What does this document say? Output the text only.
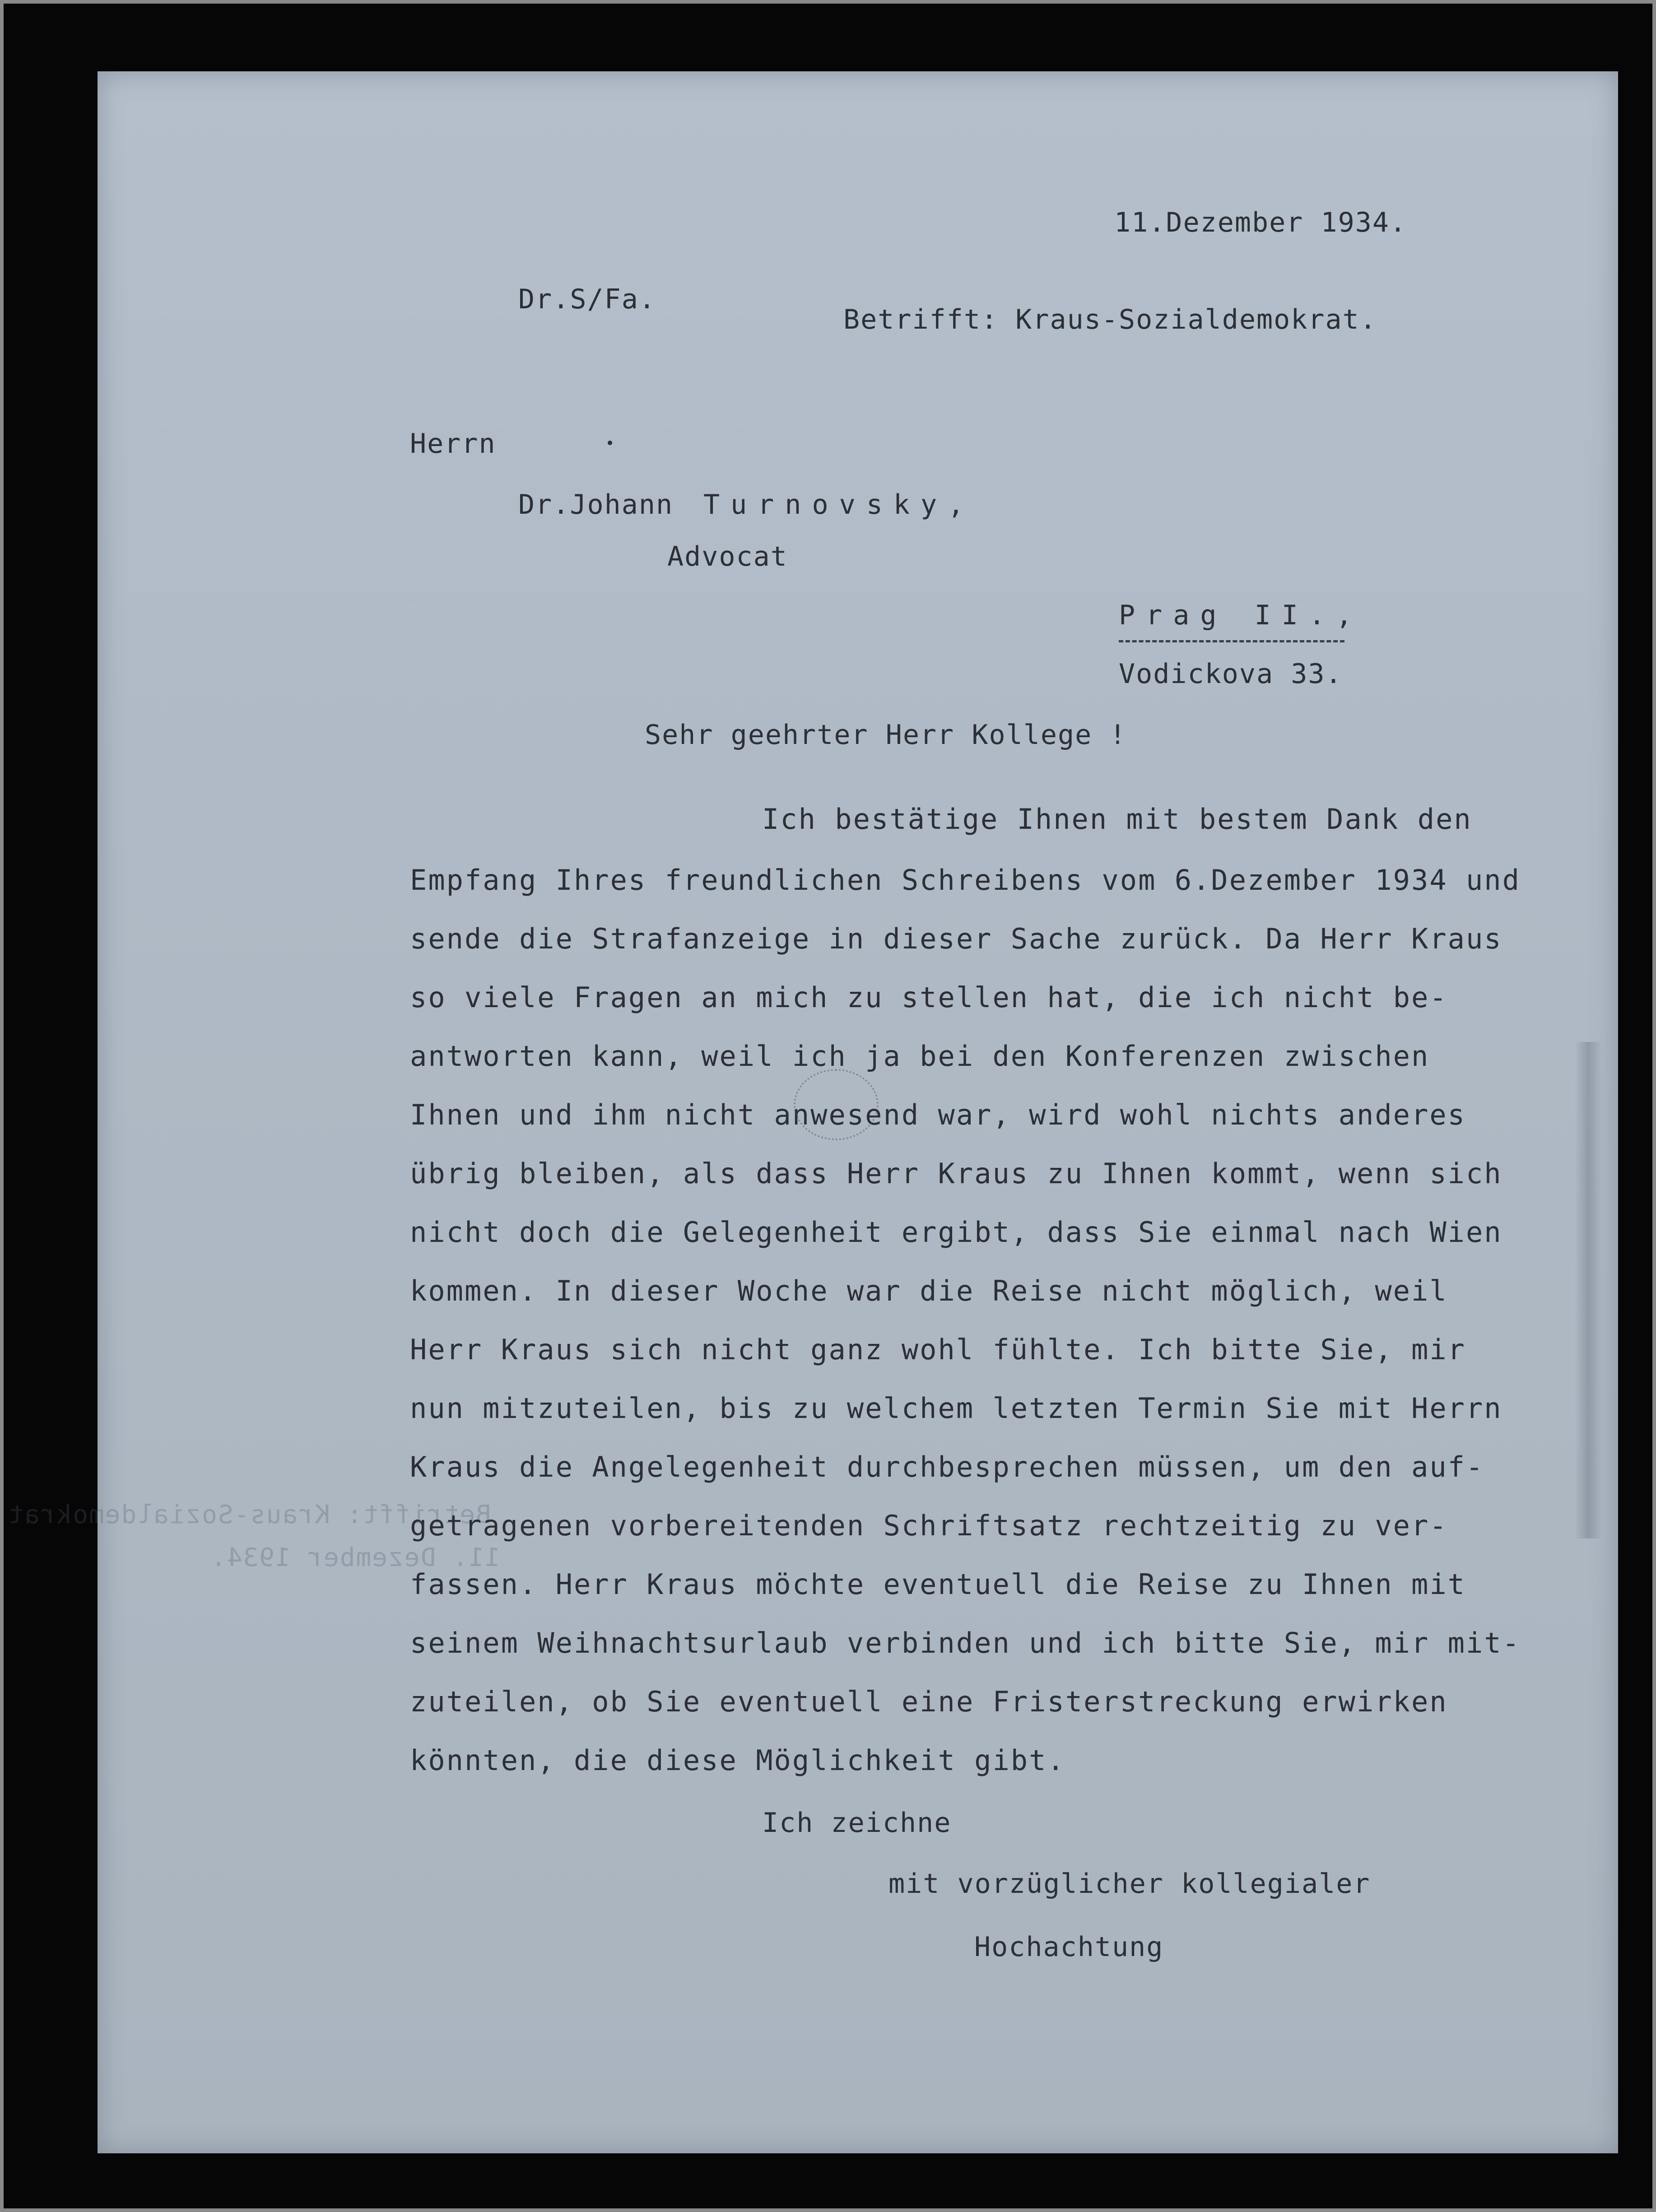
Betrifft: Kraus-Sozialdemokrat
11. Dezember 1934.
11.Dezember 1934.
Dr.S/Fa.
Betrifft: Kraus-Sozialdemokrat.
Herrn
Dr.Johann Turnovsky,
Advocat
Prag II.,
Vodickova 33.
Sehr geehrter Herr Kollege !
Ich bestätige Ihnen mit bestem Dank den
Empfang Ihres freundlichen Schreibens vom 6.Dezember 1934 und
sende die Strafanzeige in dieser Sache zurück. Da Herr Kraus
so viele Fragen an mich zu stellen hat, die ich nicht be-
antworten kann, weil ich ja bei den Konferenzen zwischen
Ihnen und ihm nicht anwesend war, wird wohl nichts anderes
übrig bleiben, als dass Herr Kraus zu Ihnen kommt, wenn sich
nicht doch die Gelegenheit ergibt, dass Sie einmal nach Wien
kommen. In dieser Woche war die Reise nicht möglich, weil
Herr Kraus sich nicht ganz wohl fühlte. Ich bitte Sie, mir
nun mitzuteilen, bis zu welchem letzten Termin Sie mit Herrn
Kraus die Angelegenheit durchbesprechen müssen, um den auf-
getragenen vorbereitenden Schriftsatz rechtzeitig zu ver-
fassen. Herr Kraus möchte eventuell die Reise zu Ihnen mit
seinem Weihnachtsurlaub verbinden und ich bitte Sie, mir mit-
zuteilen, ob Sie eventuell eine Fristerstreckung erwirken
könnten, die diese Möglichkeit gibt.
Ich zeichne
mit vorzüglicher kollegialer
Hochachtung
